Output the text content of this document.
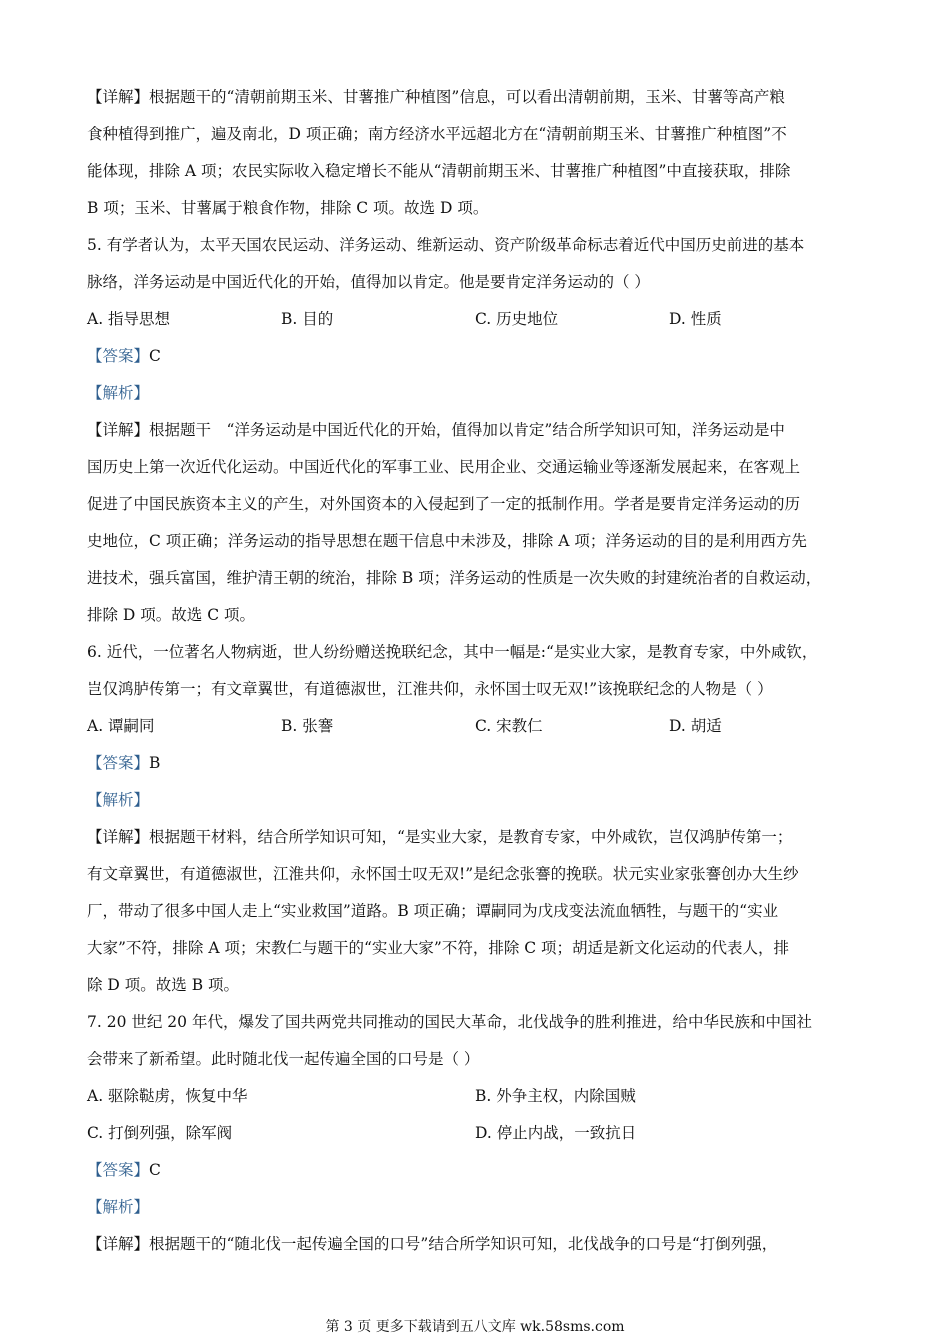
【详解】根据题干的“清朝前期玉米、甘薯推广种植图”信息，可以看出清朝前期，玉米、甘薯等高产粮
食种植得到推广，遍及南北，D 项正确；南方经济水平远超北方在“清朝前期玉米、甘薯推广种植图”不
能体现，排除 A 项；农民实际收入稳定增长不能从“清朝前期玉米、甘薯推广种植图”中直接获取，排除
B 项；玉米、甘薯属于粮食作物，排除 C 项。故选 D 项。
5. 有学者认为，太平天国农民运动、洋务运动、维新运动、资产阶级革命标志着近代中国历史前进的基本
脉络，洋务运动是中国近代化的开始，值得加以肯定。他是要肯定洋务运动的（ ）
A. 指导思想	B. 目的	C. 历史地位	D. 性质
【答案】C
【解析】
【详解】根据题干　“洋务运动是中国近代化的开始，值得加以肯定”结合所学知识可知，洋务运动是中
国历史上第一次近代化运动。中国近代化的军事工业、民用企业、交通运输业等逐渐发展起来，在客观上
促进了中国民族资本主义的产生，对外国资本的入侵起到了一定的抵制作用。学者是要肯定洋务运动的历
史地位，C 项正确；洋务运动的指导思想在题干信息中未涉及，排除 A 项；洋务运动的目的是利用西方先
进技术，强兵富国，维护清王朝的统治，排除 B 项；洋务运动的性质是一次失败的封建统治者的自救运动，
排除 D 项。故选 C 项。
6. 近代，一位著名人物病逝，世人纷纷赠送挽联纪念，其中一幅是:“是实业大家，是教育专家，中外咸钦，
岂仅鸿胪传第一；有文章翼世，有道德淑世，江淮共仰，永怀国士叹无双!”该挽联纪念的人物是（ ）
A. 谭嗣同	B. 张謇	C. 宋教仁	D. 胡适
【答案】B
【解析】
【详解】根据题干材料，结合所学知识可知，“是实业大家，是教育专家，中外咸钦，岂仅鸿胪传第一；
有文章翼世，有道德淑世，江淮共仰，永怀国士叹无双!”是纪念张謇的挽联。状元实业家张謇创办大生纱
厂，带动了很多中国人走上“实业救国”道路。B 项正确；谭嗣同为戊戌变法流血牺牲，与题干的“实业
大家”不符，排除 A 项；宋教仁与题干的“实业大家”不符，排除 C 项；胡适是新文化运动的代表人，排
除 D 项。故选 B 项。
7. 20 世纪 20 年代，爆发了国共两党共同推动的国民大革命，北伐战争的胜利推进，给中华民族和中国社
会带来了新希望。此时随北伐一起传遍全国的口号是（ ）
A. 驱除鞑虏，恢复中华	B. 外争主权，内除国贼
C. 打倒列强，除军阀	D. 停止内战，一致抗日
【答案】C
【解析】
【详解】根据题干的“随北伐一起传遍全国的口号”结合所学知识可知，北伐战争的口号是“打倒列强，
第 3 页 更多下载请到五八文库 wk.58sms.com
